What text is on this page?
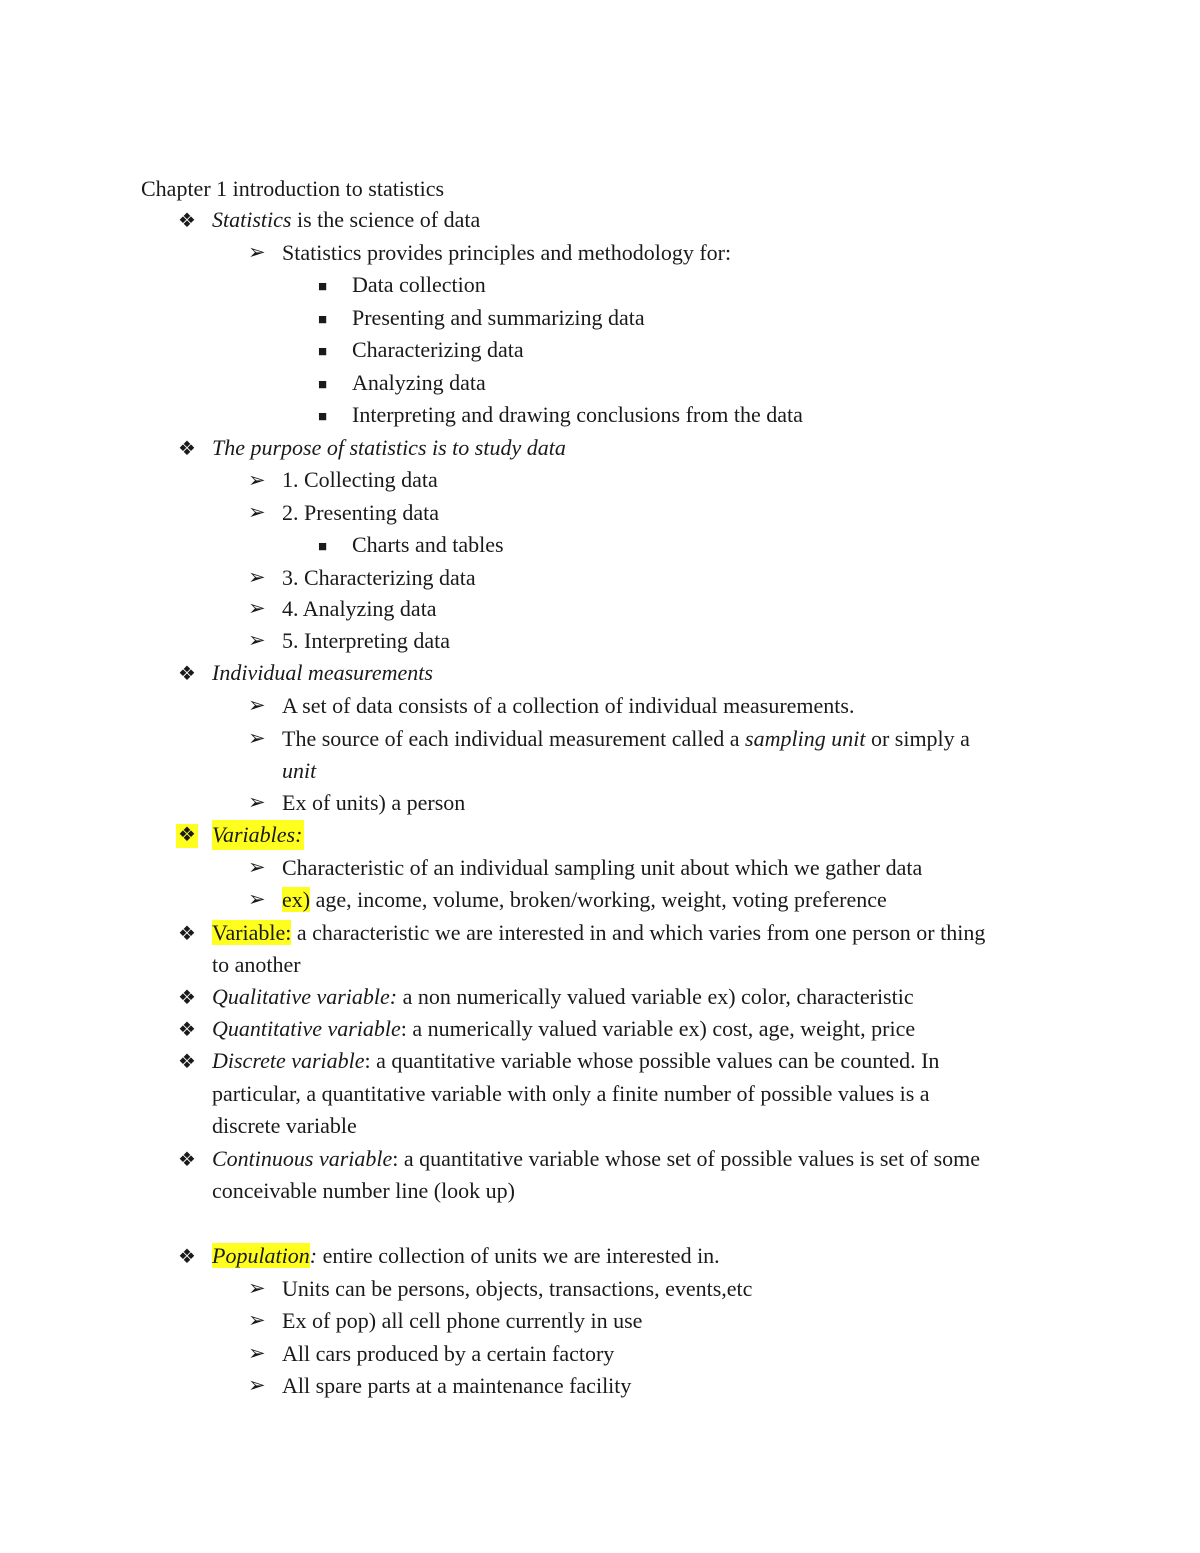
Chapter 1 introduction to statistics
❖ Statistics is the science of data
➢ Statistics provides principles and methodology for:
■ Data collection
■ Presenting and summarizing data
■ Characterizing data
■ Analyzing data
■ Interpreting and drawing conclusions from the data
❖ The purpose of statistics is to study data
➢ 1. Collecting data
➢ 2. Presenting data
■ Charts and tables
➢ 3. Characterizing data
➢ 4. Analyzing data
➢ 5. Interpreting data
❖ Individual measurements
➢ A set of data consists of a collection of individual measurements.
➢ The source of each individual measurement called a sampling unit or simply a
unit
➢ Ex of units) a person
❖ Variables:
➢ Characteristic of an individual sampling unit about which we gather data
➢ ex) age, income, volume, broken/working, weight, voting preference
❖ Variable: a characteristic we are interested in and which varies from one person or thing
to another
❖ Qualitative variable: a non numerically valued variable ex) color, characteristic
❖ Quantitative variable: a numerically valued variable ex) cost, age, weight, price
❖ Discrete variable: a quantitative variable whose possible values can be counted. In
particular, a quantitative variable with only a finite number of possible values is a
discrete variable
❖ Continuous variable: a quantitative variable whose set of possible values is set of some
conceivable number line (look up)
❖ Population: entire collection of units we are interested in.
➢ Units can be persons, objects, transactions, events,etc
➢ Ex of pop) all cell phone currently in use
➢ All cars produced by a certain factory
➢ All spare parts at a maintenance facility
